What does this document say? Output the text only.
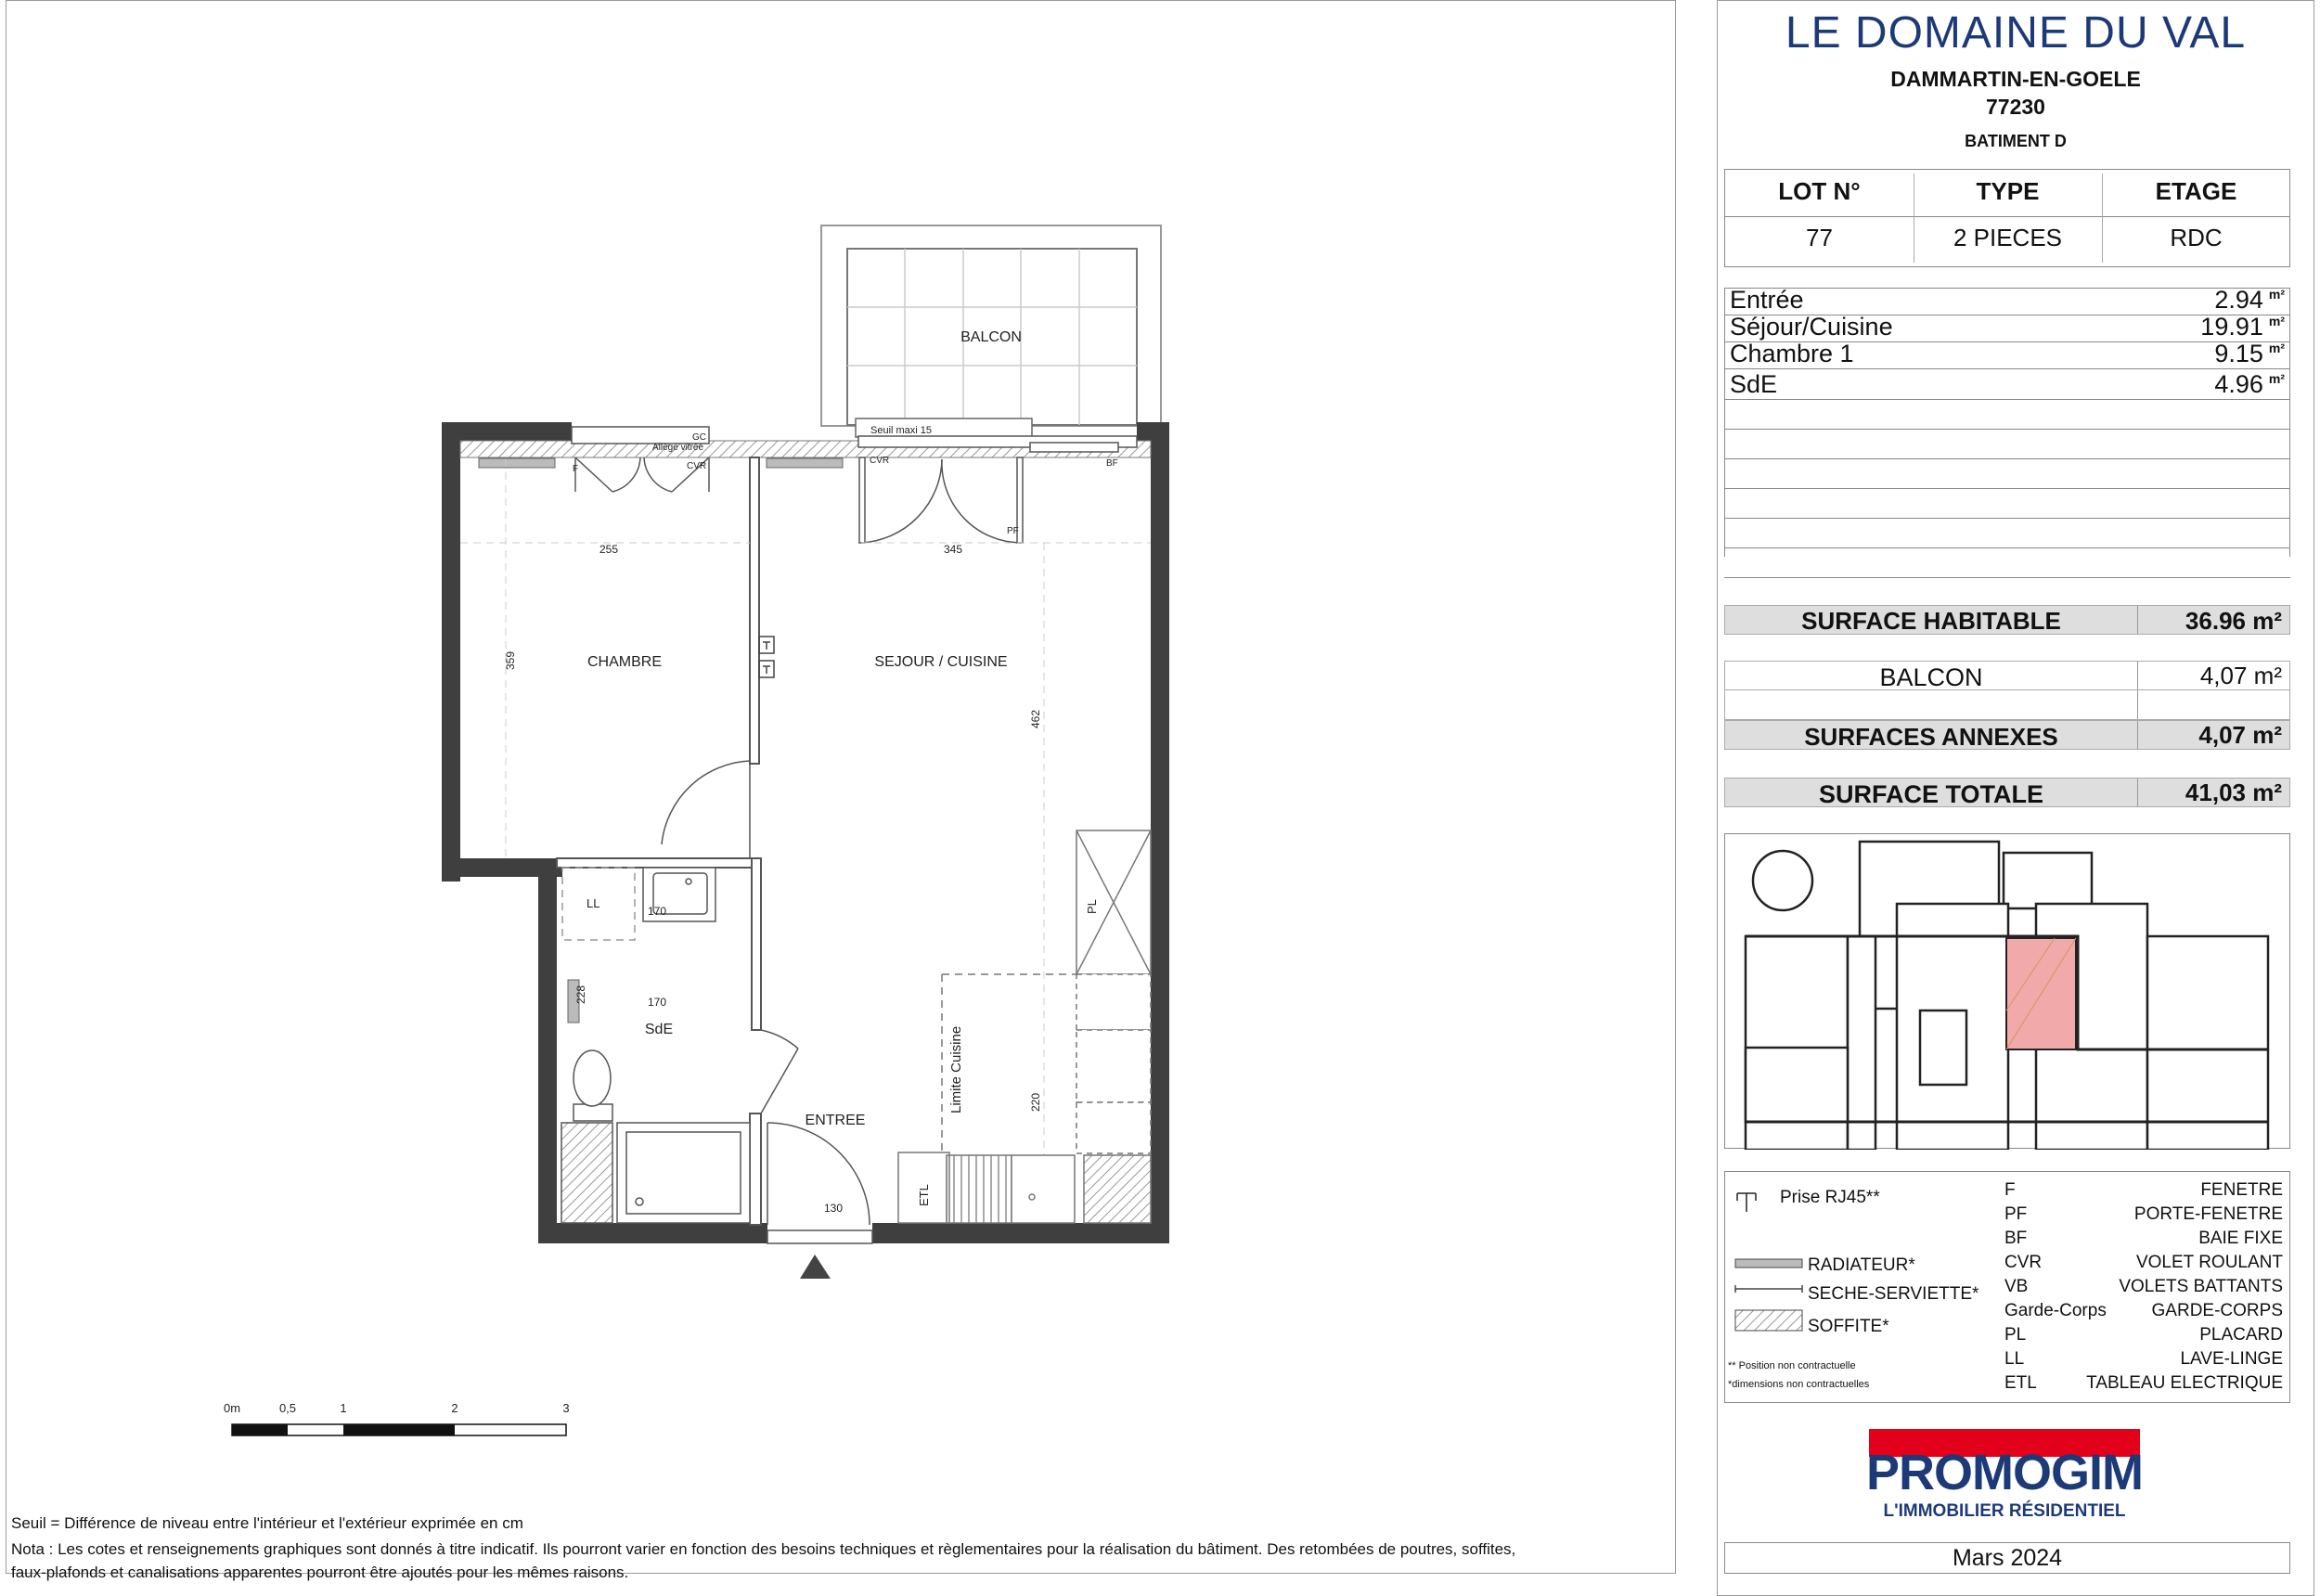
BALCON
CHAMBRE	SEJOUR / CUISINE
SdE
ENTREE
Seuil maxi 15
GC
Allège vitrée
F	CVR
CVR	BF
PF
LL	PL
ETL
Limite Cuisine
255	345
359
462
170
170
228
220
130
0m	0,5	1	2	3
Seuil = Différence de niveau entre l'intérieur et l'extérieur exprimée en cm
Nota : Les cotes et renseignements graphiques sont donnés à titre indicatif. Ils pourront varier en fonction des besoins techniques et règlementaires pour la réalisation du bâtiment. Des retombées de poutres, soffites,
faux-plafonds et canalisations apparentes pourront être ajoutés pour les mêmes raisons.
LE DOMAINE DU VAL
DAMMARTIN-EN-GOELE
77230
BATIMENT D
LOT N°	TYPE	ETAGE
77	2 PIECES	RDC
Entrée	2.94 $^{m^2}$
Séjour/Cuisine	19.91 $^{m^2}$
Chambre 1	9.15 $^{m^2}$
SdE	4.96 $^{m^2}$
SURFACE HABITABLE	36.96 m²
BALCON	4,07 m²
SURFACES ANNEXES	4,07 m²
SURFACE TOTALE	41,03 m²
Prise RJ45**
RADIATEUR*
SECHE-SERVIETTE*
SOFFITE*
** Position non contractuelle
*dimensions non contractuelles
F	FENETRE
PF	PORTE-FENETRE
BF	BAIE FIXE
CVR	VOLET ROULANT
VB	VOLETS BATTANTS
Garde-Corps	GARDE-CORPS
PL	PLACARD
LL	LAVE-LINGE
ETL	TABLEAU ELECTRIQUE
PROMOGIM
L'IMMOBILIER RÉSIDENTIEL
Mars 2024
